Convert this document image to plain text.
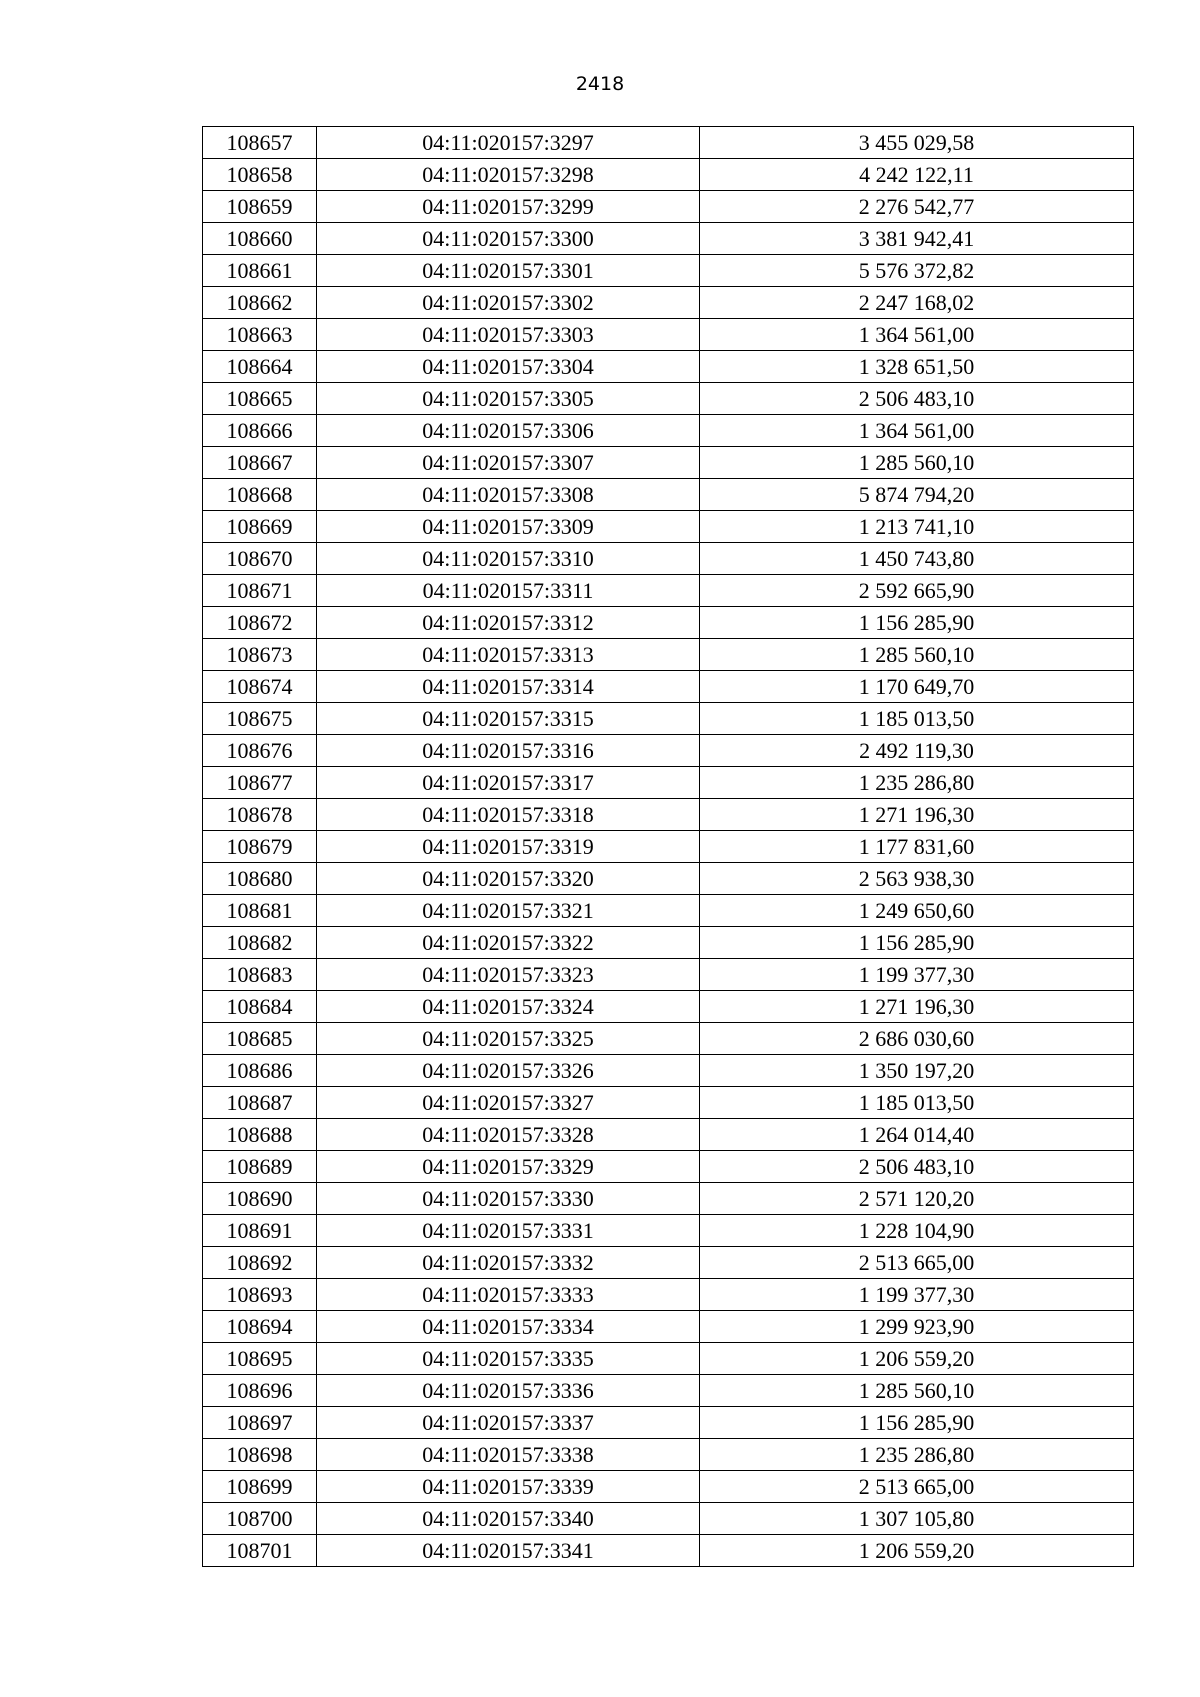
2418
108657	04:11:020157:3297	3 455 029,58
108658	04:11:020157:3298	4 242 122,11
108659	04:11:020157:3299	2 276 542,77
108660	04:11:020157:3300	3 381 942,41
108661	04:11:020157:3301	5 576 372,82
108662	04:11:020157:3302	2 247 168,02
108663	04:11:020157:3303	1 364 561,00
108664	04:11:020157:3304	1 328 651,50
108665	04:11:020157:3305	2 506 483,10
108666	04:11:020157:3306	1 364 561,00
108667	04:11:020157:3307	1 285 560,10
108668	04:11:020157:3308	5 874 794,20
108669	04:11:020157:3309	1 213 741,10
108670	04:11:020157:3310	1 450 743,80
108671	04:11:020157:3311	2 592 665,90
108672	04:11:020157:3312	1 156 285,90
108673	04:11:020157:3313	1 285 560,10
108674	04:11:020157:3314	1 170 649,70
108675	04:11:020157:3315	1 185 013,50
108676	04:11:020157:3316	2 492 119,30
108677	04:11:020157:3317	1 235 286,80
108678	04:11:020157:3318	1 271 196,30
108679	04:11:020157:3319	1 177 831,60
108680	04:11:020157:3320	2 563 938,30
108681	04:11:020157:3321	1 249 650,60
108682	04:11:020157:3322	1 156 285,90
108683	04:11:020157:3323	1 199 377,30
108684	04:11:020157:3324	1 271 196,30
108685	04:11:020157:3325	2 686 030,60
108686	04:11:020157:3326	1 350 197,20
108687	04:11:020157:3327	1 185 013,50
108688	04:11:020157:3328	1 264 014,40
108689	04:11:020157:3329	2 506 483,10
108690	04:11:020157:3330	2 571 120,20
108691	04:11:020157:3331	1 228 104,90
108692	04:11:020157:3332	2 513 665,00
108693	04:11:020157:3333	1 199 377,30
108694	04:11:020157:3334	1 299 923,90
108695	04:11:020157:3335	1 206 559,20
108696	04:11:020157:3336	1 285 560,10
108697	04:11:020157:3337	1 156 285,90
108698	04:11:020157:3338	1 235 286,80
108699	04:11:020157:3339	2 513 665,00
108700	04:11:020157:3340	1 307 105,80
108701	04:11:020157:3341	1 206 559,20
